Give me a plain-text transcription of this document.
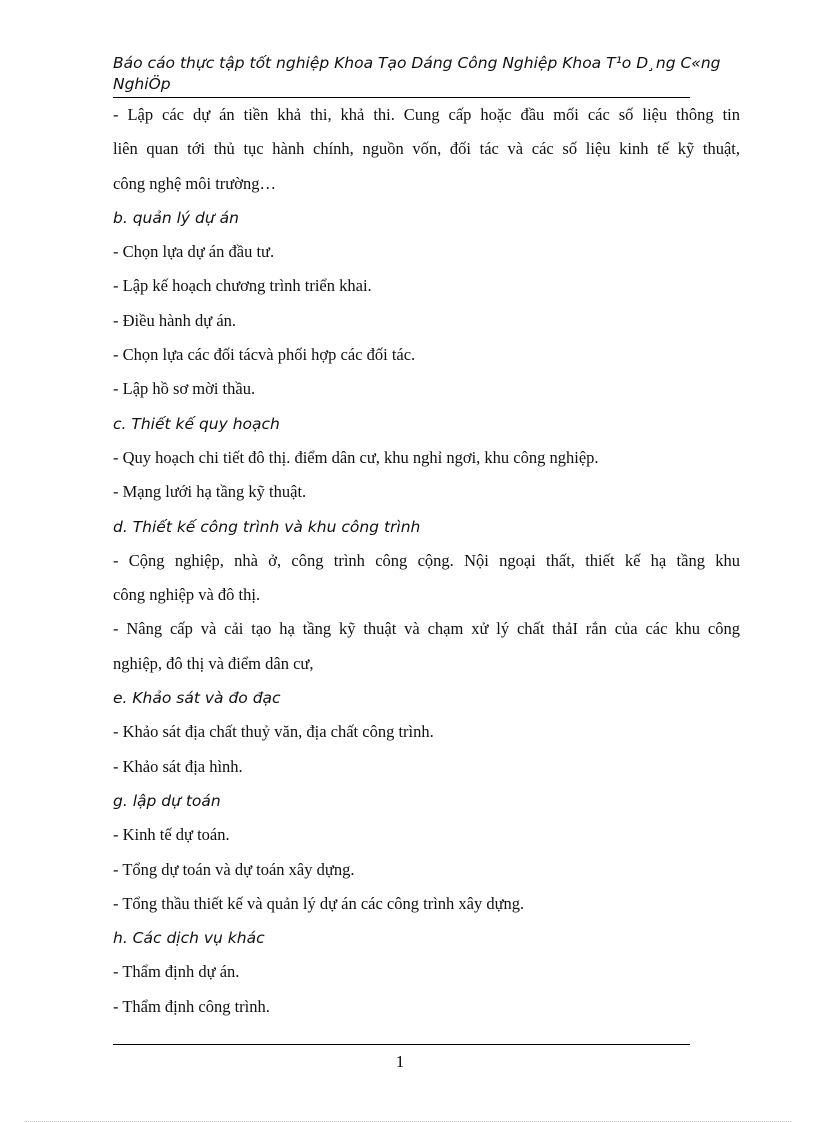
Báo cáo thực tập tốt nghiệp Khoa Tạo Dáng Công Nghiệp Khoa T¹o D¸ng C«ng
NghiÖp
- Lập các dự án tiền khả thi, khả thi. Cung cấp hoặc đầu mối các số liệu thông tin
liên quan tới thủ tục hành chính, nguồn vốn, đối tác và các số liệu kinh tế kỹ thuật,
công nghệ môi trường…
b. quản lý dự án
- Chọn lựa dự án đầu tư.
- Lập kế hoạch chương trình triển khai.
- Điều hành dự án.
- Chọn lựa các đối tácvà phối hợp các đối tác.
- Lập hồ sơ mời thầu.
c. Thiết kế quy hoạch
- Quy hoạch chi tiết đô thị. điểm dân cư, khu nghỉ ngơi, khu công nghiệp.
- Mạng lưới hạ tầng kỹ thuật.
d. Thiết kế công trình và khu công trình
- Cộng nghiệp, nhà ở, công trình công cộng. Nội ngoại thất, thiết kế hạ tầng khu
công nghiệp và đô thị.
- Nâng cấp và cải tạo hạ tầng kỹ thuật và chạm xử lý chất thảI rắn của các khu công
nghiệp, đô thị và điểm dân cư,
e. Khảo sát và đo đạc
- Khảo sát địa chất thuỷ văn, địa chất công trình.
- Khảo sát địa hình.
g. lập dự toán
- Kinh tế dự toán.
- Tổng dự toán và dự toán xây dựng.
- Tổng thầu thiết kế và quản lý dự án các công trình xây dựng.
h. Các dịch vụ khác
- Thẩm định dự án.
- Thẩm định công trình.
1
